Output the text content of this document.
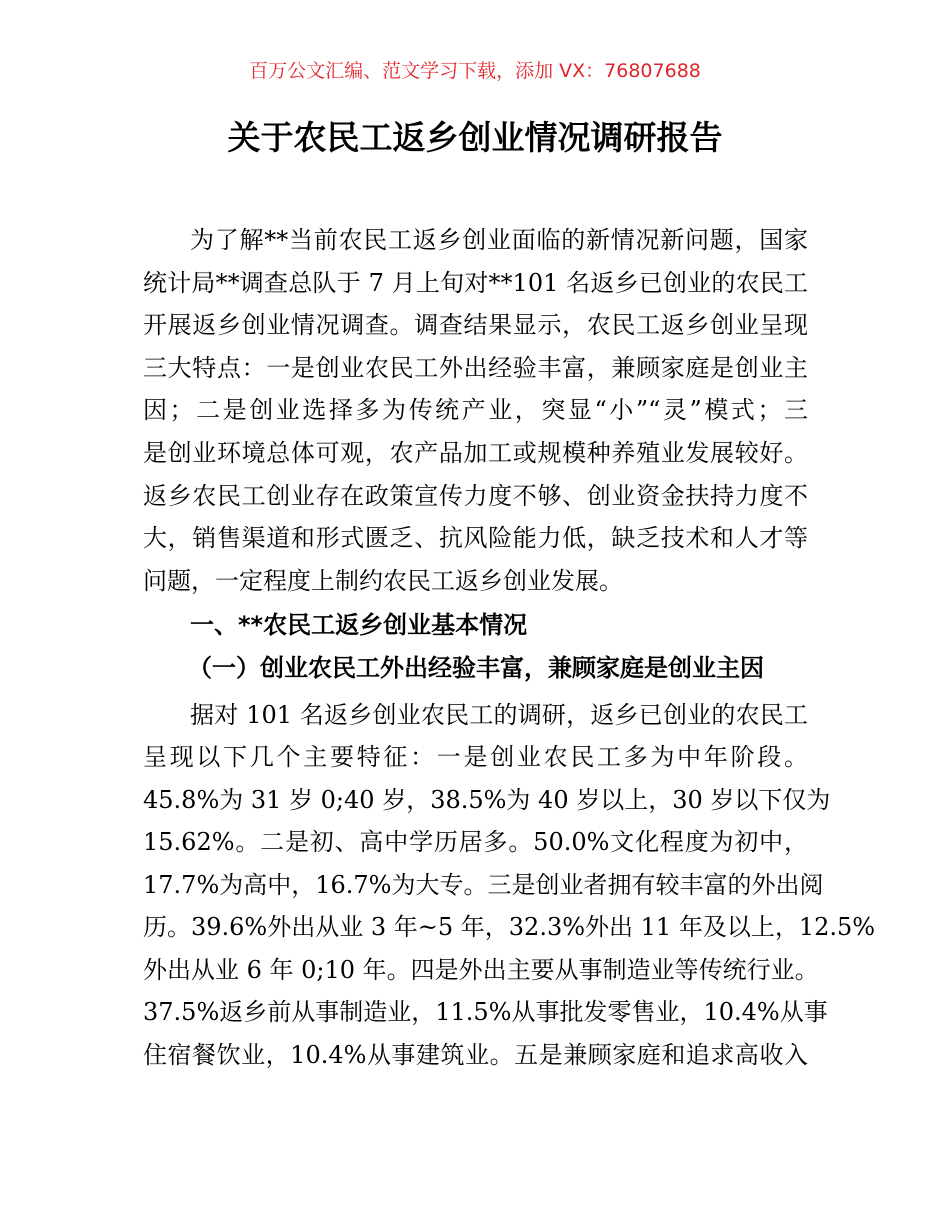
百万公文汇编、范文学习下载，添加 VX：76807688
关于农民工返乡创业情况调研报告
为了解**当前农民工返乡创业面临的新情况新问题，国家
统计局**调查总队于 7 月上旬对**101 名返乡已创业的农民工
开展返乡创业情况调查。调查结果显示，农民工返乡创业呈现
三大特点：一是创业农民工外出经验丰富，兼顾家庭是创业主
因；二是创业选择多为传统产业，突显“小”“灵”模式；三
是创业环境总体可观，农产品加工或规模种养殖业发展较好。
返乡农民工创业存在政策宣传力度不够、创业资金扶持力度不
大，销售渠道和形式匮乏、抗风险能力低，缺乏技术和人才等
问题，一定程度上制约农民工返乡创业发展。
一、**农民工返乡创业基本情况
（一）创业农民工外出经验丰富，兼顾家庭是创业主因
据对 101 名返乡创业农民工的调研，返乡已创业的农民工
呈现以下几个主要特征：一是创业农民工多为中年阶段。
45.8%为 31 岁 0;40 岁，38.5%为 40 岁以上，30 岁以下仅为
15.62%。二是初、高中学历居多。50.0%文化程度为初中，
17.7%为高中，16.7%为大专。三是创业者拥有较丰富的外出阅
历。39.6%外出从业 3 年~5 年，32.3%外出 11 年及以上，12.5%
外出从业 6 年 0;10 年。四是外出主要从事制造业等传统行业。
37.5%返乡前从事制造业，11.5%从事批发零售业，10.4%从事
住宿餐饮业，10.4%从事建筑业。五是兼顾家庭和追求高收入
